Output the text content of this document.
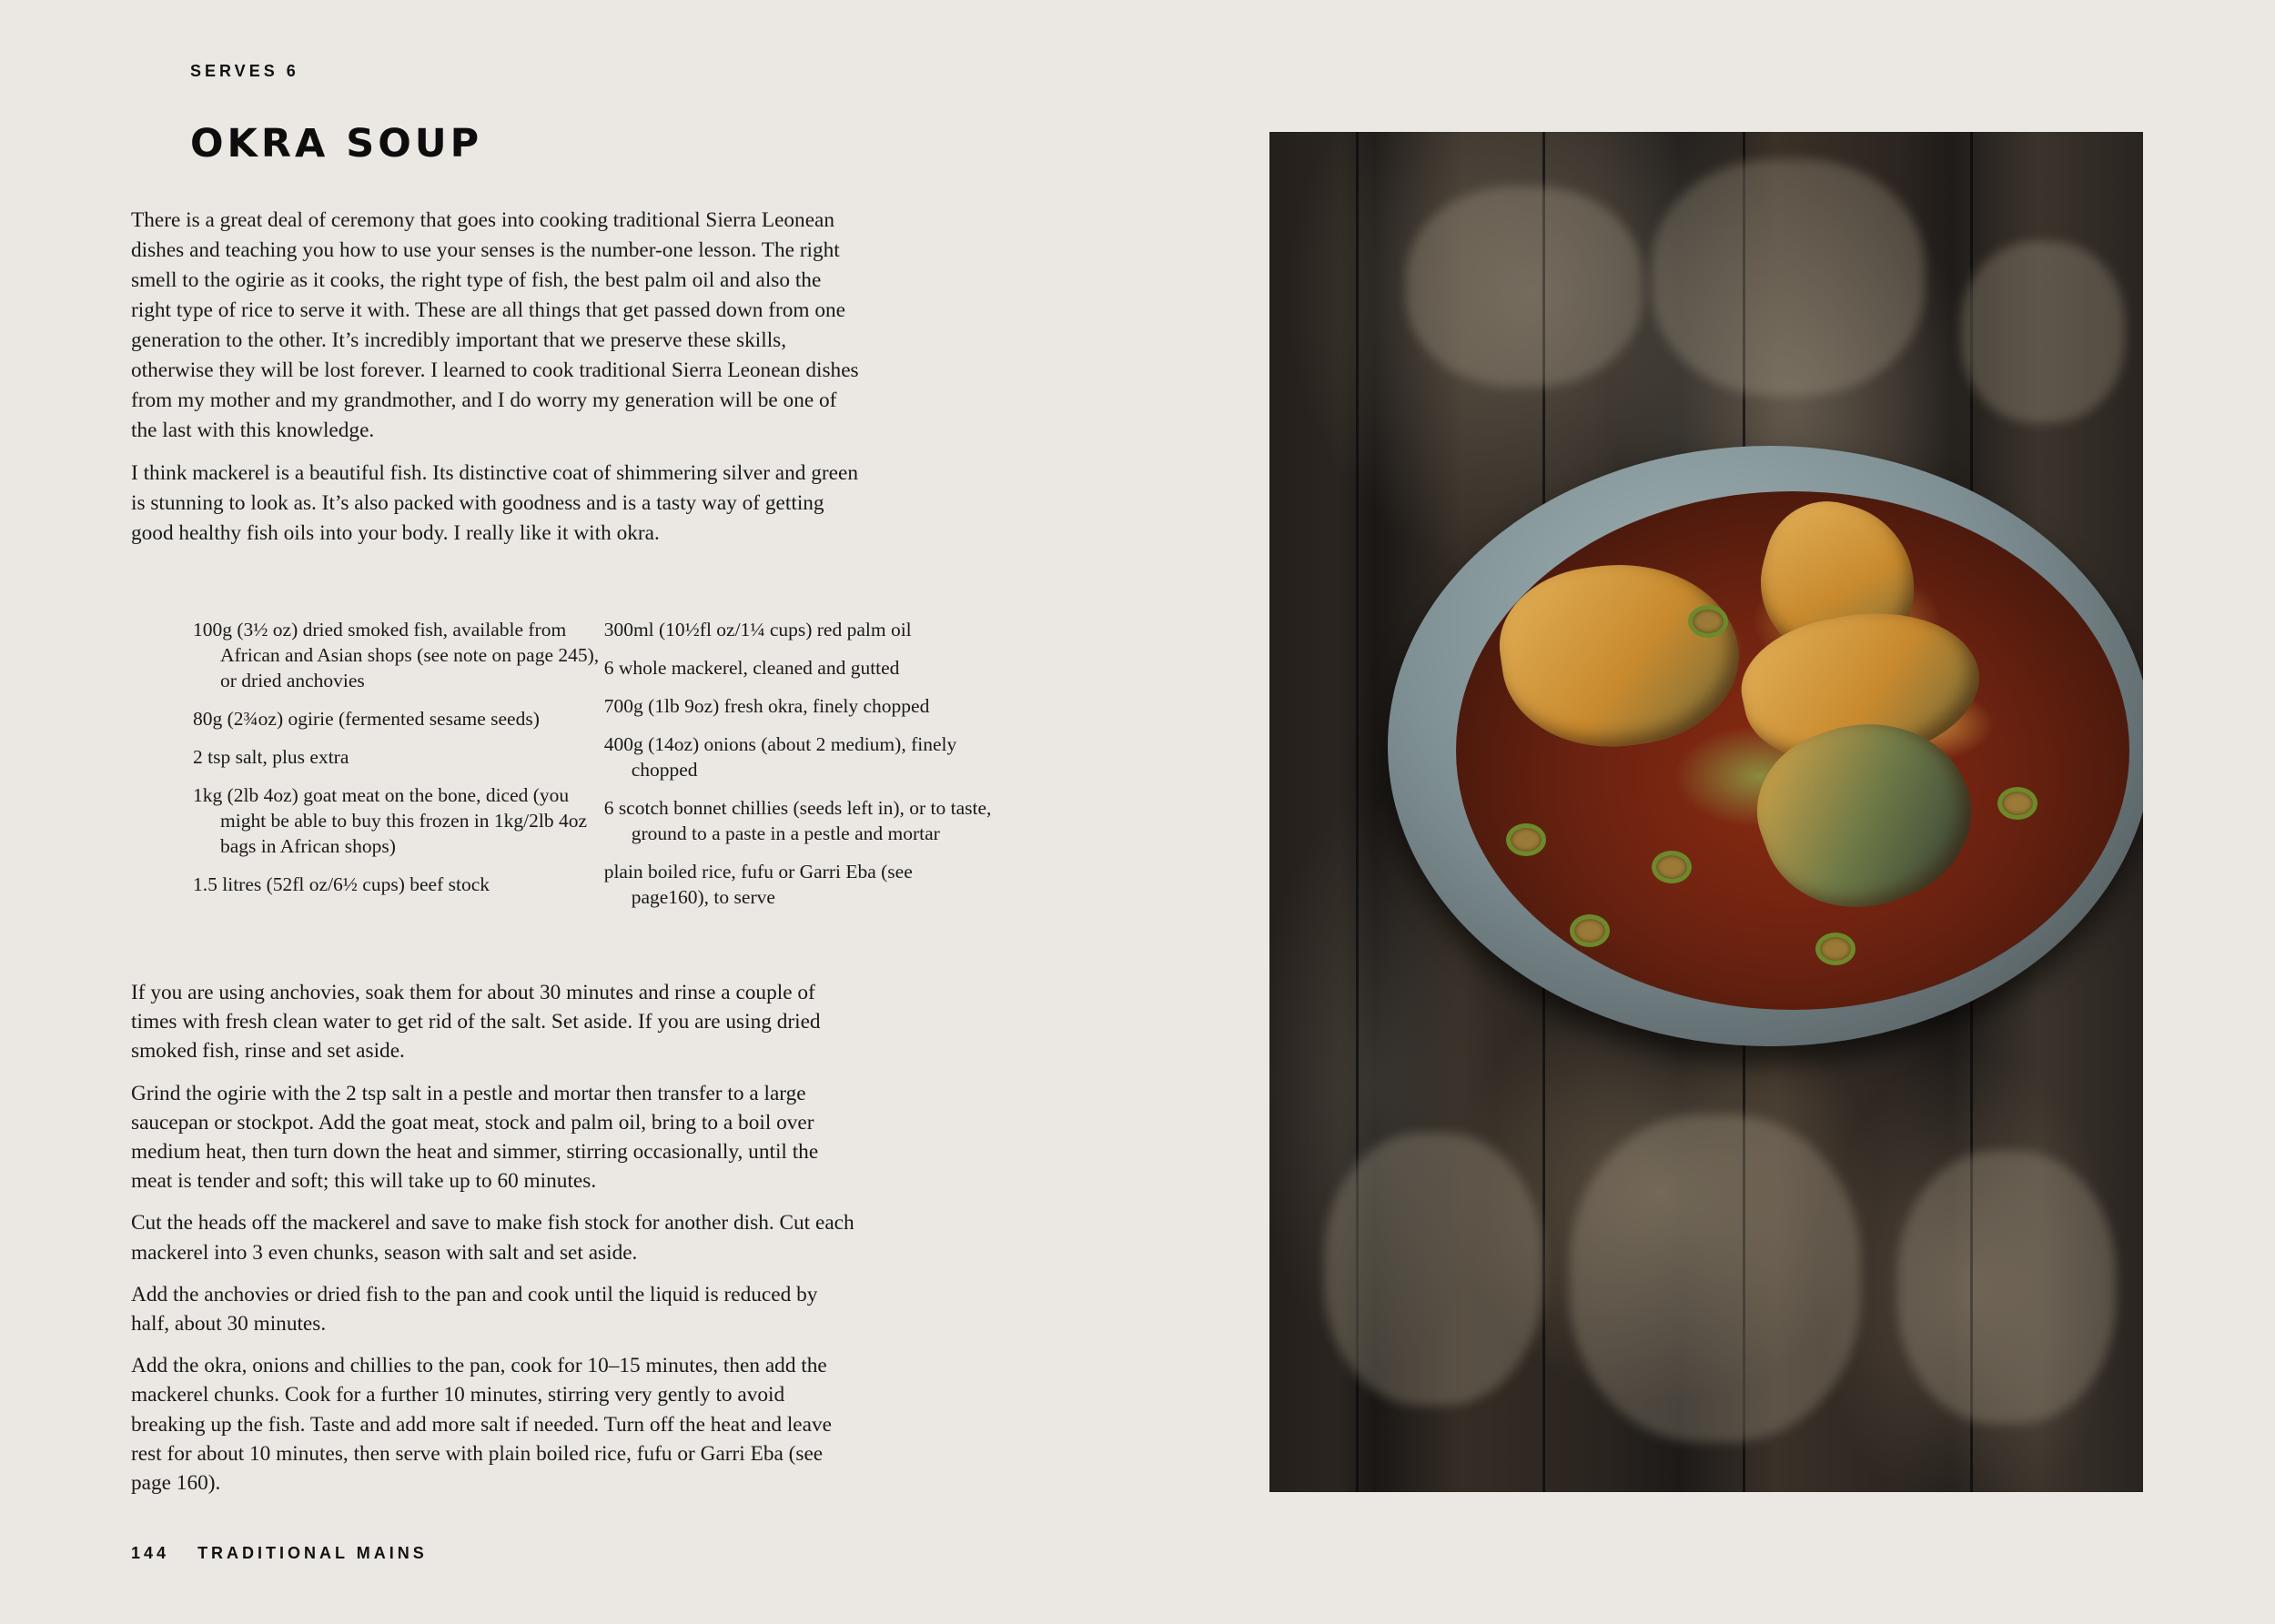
SERVES 6
OKRA SOUP

There is a great deal of ceremony that goes into cooking traditional Sierra Leonean dishes and teaching you how to use your senses is the number-one lesson. The right smell to the ogirie as it cooks, the right type of fish, the best palm oil and also the right type of rice to serve it with. These are all things that get passed down from one generation to the other. It’s incredibly important that we preserve these skills, otherwise they will be lost forever. I learned to cook traditional Sierra Leonean dishes from my mother and my grandmother, and I do worry my generation will be one of the last with this knowledge.

I think mackerel is a beautiful fish. Its distinctive coat of shimmering silver and green is stunning to look as. It’s also packed with goodness and is a tasty way of getting good healthy fish oils into your body. I really like it with okra.

100g (3½ oz) dried smoked fish, available from African and Asian shops (see note on page 245), or dried anchovies
80g (2¾oz) ogirie (fermented sesame seeds)
2 tsp salt, plus extra
1kg (2lb 4oz) goat meat on the bone, diced (you might be able to buy this frozen in 1kg/2lb 4oz bags in African shops)
1.5 litres (52fl oz/6½ cups) beef stock
300ml (10½fl oz/1¼ cups) red palm oil
6 whole mackerel, cleaned and gutted
700g (1lb 9oz) fresh okra, finely chopped
400g (14oz) onions (about 2 medium), finely chopped
6 scotch bonnet chillies (seeds left in), or to taste, ground to a paste in a pestle and mortar
plain boiled rice, fufu or Garri Eba (see page160), to serve

If you are using anchovies, soak them for about 30 minutes and rinse a couple of times with fresh clean water to get rid of the salt. Set aside. If you are using dried smoked fish, rinse and set aside.

Grind the ogirie with the 2 tsp salt in a pestle and mortar then transfer to a large saucepan or stockpot. Add the goat meat, stock and palm oil, bring to a boil over medium heat, then turn down the heat and simmer, stirring occasionally, until the meat is tender and soft; this will take up to 60 minutes.

Cut the heads off the mackerel and save to make fish stock for another dish. Cut each mackerel into 3 even chunks, season with salt and set aside.

Add the anchovies or dried fish to the pan and cook until the liquid is reduced by half, about 30 minutes.

Add the okra, onions and chillies to the pan, cook for 10–15 minutes, then add the mackerel chunks. Cook for a further 10 minutes, stirring very gently to avoid breaking up the fish. Taste and add more salt if needed. Turn off the heat and leave rest for about 10 minutes, then serve with plain boiled rice, fufu or Garri Eba (see page 160).

144 TRADITIONAL MAINS
